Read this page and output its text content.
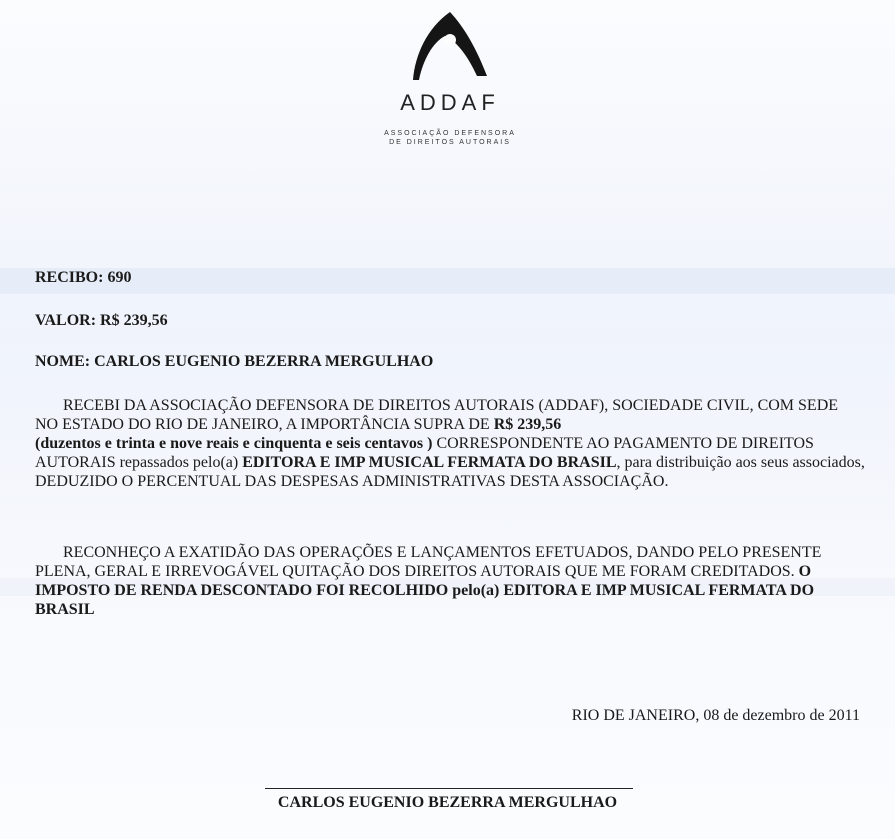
ADDAF
ASSOCIAÇÃO DEFENSORA
DE DIREITOS AUTORAIS
RECIBO: 690
VALOR: R$ 239,56
NOME: CARLOS EUGENIO BEZERRA MERGULHAO

RECEBI DA ASSOCIAÇÃO DEFENSORA DE DIREITOS AUTORAIS (ADDAF), SOCIEDADE CIVIL, COM SEDE NO ESTADO DO RIO DE JANEIRO, A IMPORTÂNCIA SUPRA DE R$ 239,56
(duzentos e trinta e nove reais e cinquenta e seis centavos ) CORRESPONDENTE AO PAGAMENTO DE DIREITOS AUTORAIS repassados pelo(a) EDITORA E IMP MUSICAL FERMATA DO BRASIL, para distribuição aos seus associados, DEDUZIDO O PERCENTUAL DAS DESPESAS ADMINISTRATIVAS DESTA ASSOCIAÇÃO.

RECONHEÇO A EXATIDÃO DAS OPERAÇÕES E LANÇAMENTOS EFETUADOS, DANDO PELO PRESENTE PLENA, GERAL E IRREVOGÁVEL QUITAÇÃO DOS DIREITOS AUTORAIS QUE ME FORAM CREDITADOS. O IMPOSTO DE RENDA DESCONTADO FOI RECOLHIDO pelo(a) EDITORA E IMP MUSICAL FERMATA DO BRASIL

RIO DE JANEIRO, 08 de dezembro de 2011
CARLOS EUGENIO BEZERRA MERGULHAO
